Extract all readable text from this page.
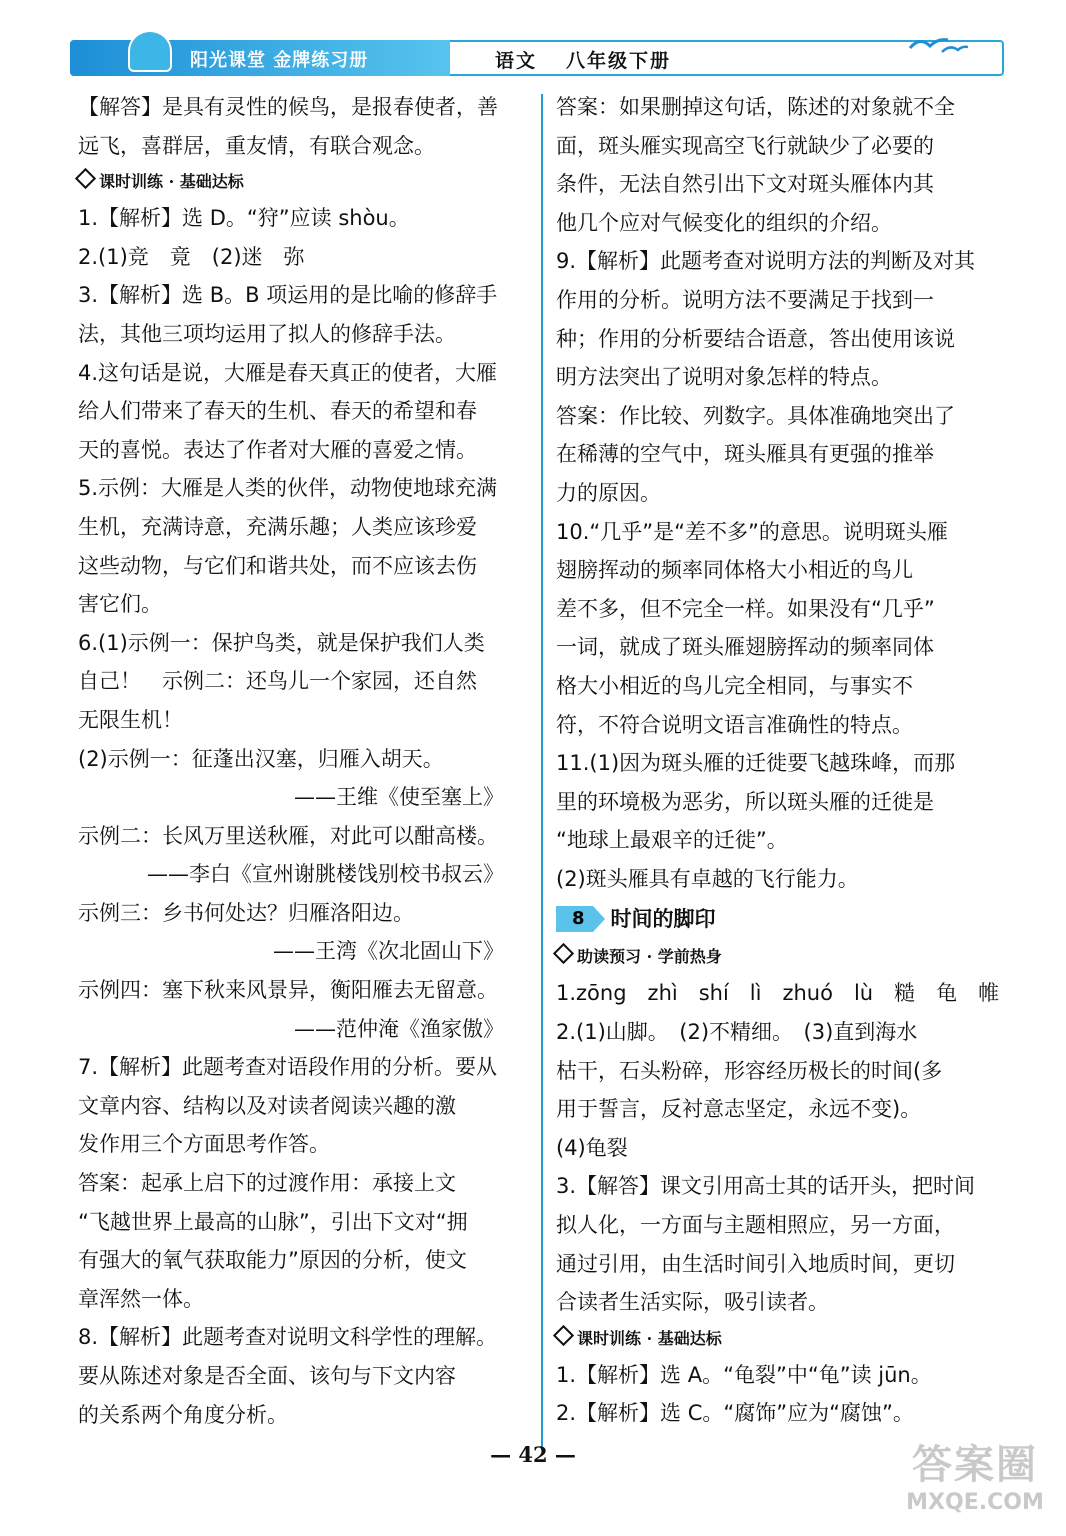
阳光课堂 金牌练习册	语文 八年级下册

【解答】是具有灵性的候鸟，是报春使者，善

远飞，喜群居，重友情，有联合观念。

课时训练 · 基础达标

1.【解析】选 D。“狩”应读 shòu。

2.(1)竞　竟　(2)迷　弥

3.【解析】选 B。B 项运用的是比喻的修辞手

法，其他三项均运用了拟人的修辞手法。

4.这句话是说，大雁是春天真正的使者，大雁

给人们带来了春天的生机、春天的希望和春

天的喜悦。表达了作者对大雁的喜爱之情。

5.示例：大雁是人类的伙伴，动物使地球充满

生机，充满诗意，充满乐趣；人类应该珍爱

这些动物，与它们和谐共处，而不应该去伤

害它们。

6.(1)示例一：保护鸟类，就是保护我们人类

自己！　示例二：还鸟儿一个家园，还自然

无限生机！

(2)示例一：征蓬出汉塞，归雁入胡天。

——王维《使至塞上》

示例二：长风万里送秋雁，对此可以酣高楼。

——李白《宣州谢朓楼饯别校书叔云》

示例三：乡书何处达？归雁洛阳边。

——王湾《次北固山下》

示例四：塞下秋来风景异，衡阳雁去无留意。

——范仲淹《渔家傲》

7.【解析】此题考查对语段作用的分析。要从

文章内容、结构以及对读者阅读兴趣的激

发作用三个方面思考作答。

答案：起承上启下的过渡作用：承接上文

“飞越世界上最高的山脉”，引出下文对“拥

有强大的氧气获取能力”原因的分析，使文

章浑然一体。

8.【解析】此题考查对说明文科学性的理解。

要从陈述对象是否全面、该句与下文内容

的关系两个角度分析。

答案：如果删掉这句话，陈述的对象就不全

面，斑头雁实现高空飞行就缺少了必要的

条件，无法自然引出下文对斑头雁体内其

他几个应对气候变化的组织的介绍。

9.【解析】此题考查对说明方法的判断及对其

作用的分析。说明方法不要满足于找到一

种；作用的分析要结合语意，答出使用该说

明方法突出了说明对象怎样的特点。

答案：作比较、列数字。具体准确地突出了

在稀薄的空气中，斑头雁具有更强的推举

力的原因。

10.“几乎”是“差不多”的意思。说明斑头雁

翅膀挥动的频率同体格大小相近的鸟儿

差不多，但不完全一样。如果没有“几乎”

一词，就成了斑头雁翅膀挥动的频率同体

格大小相近的鸟儿完全相同，与事实不

符，不符合说明文语言准确性的特点。

11.(1)因为斑头雁的迁徙要飞越珠峰，而那

里的环境极为恶劣，所以斑头雁的迁徙是

“地球上最艰辛的迁徙”。

(2)斑头雁具有卓越的飞行能力。

8	时间的脚印

助读预习 · 学前热身

1.zōng　zhì　shí　lì　zhuó　lù　糙　龟　帷

2.(1)山脚。　(2)不精细。　(3)直到海水

枯干，石头粉碎，形容经历极长的时间(多

用于誓言，反衬意志坚定，永远不变)。

(4)龟裂

3.【解答】课文引用高士其的话开头，把时间

拟人化，一方面与主题相照应，另一方面，

通过引用，由生活时间引入地质时间，更切

合读者生活实际，吸引读者。

课时训练 · 基础达标

1.【解析】选 A。“龟裂”中“龟”读 jūn。

2.【解析】选 C。“腐饰”应为“腐蚀”。

— 42 —	答案圈
MXQE.COM
